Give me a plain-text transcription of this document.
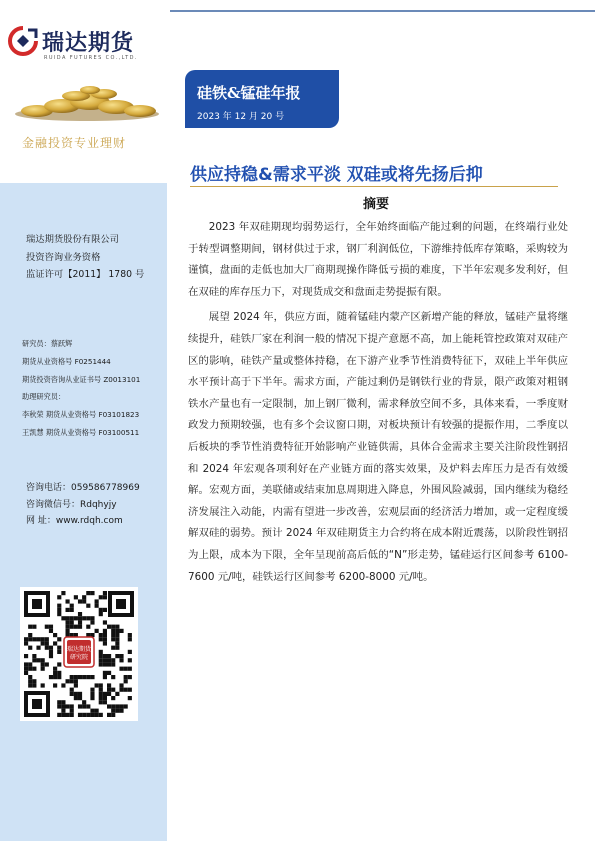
瑞达期货
RUIDA FUTURES CO.,LTD.
金融投资专业理财
硅铁&锰硅年报
2023 年 12 月 20 号
供应持稳&需求平淡 双硅或将先扬后抑
瑞达期货股份有限公司
投资咨询业务资格
监证许可【2011】 1780 号
研究员：蔡跃辉
期货从业资格号 F0251444
期货投资咨询从业证书号 Z0013101
助理研究员：
李秋荣 期货从业资格号 F03101823
王凯慧 期货从业资格号 F03100511
咨询电话：059586778969
咨询微信号：Rdqhyjy
网 址：www.rdqh.com
瑞达期货
研究院
摘要

2023 年双硅期现均弱势运行，全年始终面临产能过剩的问题，在终端行业处于转型调整期间，钢材供过于求，钢厂利润低位，下游维持低库存策略，采购较为谨慎，盘面的走低也加大厂商期现操作降低亏损的难度，下半年宏观多发利好，但在双硅的库存压力下，对现货成交和盘面走势提振有限。

展望 2024 年，供应方面，随着锰硅内蒙产区新增产能的释放，锰硅产量将继续提升，硅铁厂家在利润一般的情况下提产意愿不高，加上能耗管控政策对双硅产区的影响，硅铁产量或整体持稳，在下游产业季节性消费特征下，双硅上半年供应水平预计高于下半年。需求方面，产能过剩仍是钢铁行业的背景，限产政策对粗钢铁水产量也有一定限制，加上钢厂微利，需求释放空间不多，具体来看，一季度财政发力预期较强，也有多个会议窗口期，对板块预计有较强的提振作用，二季度以后板块的季节性消费特征开始影响产业链供需，具体合金需求主要关注阶段性钢招和 2024 年宏观各项利好在产业链方面的落实效果，及炉料去库压力是否有效缓解。宏观方面，美联储或结束加息周期进入降息，外围风险减弱，国内继续为稳经济发展注入动能，内需有望进一步改善，宏观层面的经济活力增加，或一定程度缓解双硅的弱势。预计 2024 年双硅期货主力合约将在成本附近震荡，以阶段性钢招为上限，成本为下限，全年呈现前高后低的“N”形走势，锰硅运行区间参考 6100-7600 元/吨，硅铁运行区间参考 6200-8000 元/吨。
